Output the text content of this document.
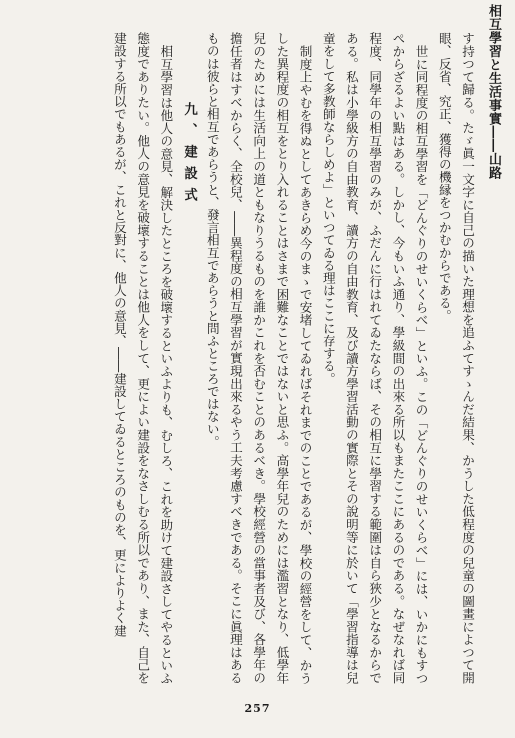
相互學習と生活事實――山路

す持つて歸る。たゞ眞一文字に自己の描いた理想を追ふてすゝんだ結果、かうした低程度の兒童の圖畫によつて開眼、反省、究正、獲得の機縁をつかむからである。

世に同程度の相互學習を「どんぐりのせいくらべ」といふ。この「どんぐりのせいくらべ」には、いかにもすつぺからざるよい點はある。しかし、今もいふ通り、學級間の出來る所以もまたここにあるのである。なぜなれば同程度、同學年の相互學習のみが、ふだんに行はれてゐたならば、その相互に學習する範圍は自ら狹少となるからである。私は小學級方の自由教育、讀方の自由教育、及び讀方學習活動の實際とその說明等に於いて「學習指導は兒童をして多教師ならしめよ」といつてゐる理はここに存する。

制度上やむを得ぬとしてあきらめ今のまゝで安堵してゐればそれまでのことであるが、學校の經營をして、かうした異程度の相互をとり入れることはさまで困難なことではないと思ふ。高學年兒のためには濫習となり、低學年兒のためには生活向上の道ともなりうるものを誰かこれを否むことのあるべき。學校經營の當事者及び、各學年の擔任者はすべからく、全校兒、――異程度の相互學習が實現出來るやう工夫考慮すべきである。そこに眞理はあるものは彼らと相互であらうと、發言相互であらうと問ふところではない。

九、建設式

相互學習は他人の意見、解決したところを破壞するといふよりも、むしろ、これを助けて建設さしてやるといふ態度でありたい。他人の意見を破壞することは他人をして、更によい建設をなさしむる所以であり、また、自己を建設する所以でもあるが、これと反對に、他人の意見、――建設してゐるところのものを、更によりよく建

257
